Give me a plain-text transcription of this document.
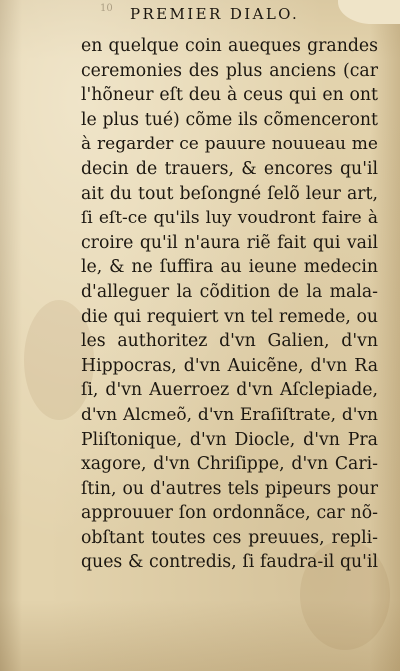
10 PREMIER DIALO.
en quelque coin aueques grandes
ceremonies des plus anciens (car
l'hõneur eſt deu à ceus qui en ont
le plus tué) cõme ils cõmenceront
à regarder ce pauure nouueau me
decin de trauers, & encores qu'il
ait du tout beſongné ſelõ leur art,
ſi eſt-ce qu'ils luy voudront faire à
croire qu'il n'aura riẽ fait qui vail
le, & ne ſuffira au ieune medecin
d'alleguer la cõdition de la mala-
die qui requiert vn tel remede, ou
les authoritez d'vn Galien, d'vn
Hippocras, d'vn Auicẽne, d'vn Ra
ſi, d'vn Auerroez d'vn Aſclepiade,
d'vn Alcmeõ, d'vn Eraſiſtrate, d'vn
Pliſtonique, d'vn Diocle, d'vn Pra
xagore, d'vn Chriſippe, d'vn Cari-
ſtin, ou d'autres tels pipeurs pour
approuuer ſon ordonnãce, car nõ-
obſtant toutes ces preuues, repli-
ques & contredis, ſi faudra-il qu'il
